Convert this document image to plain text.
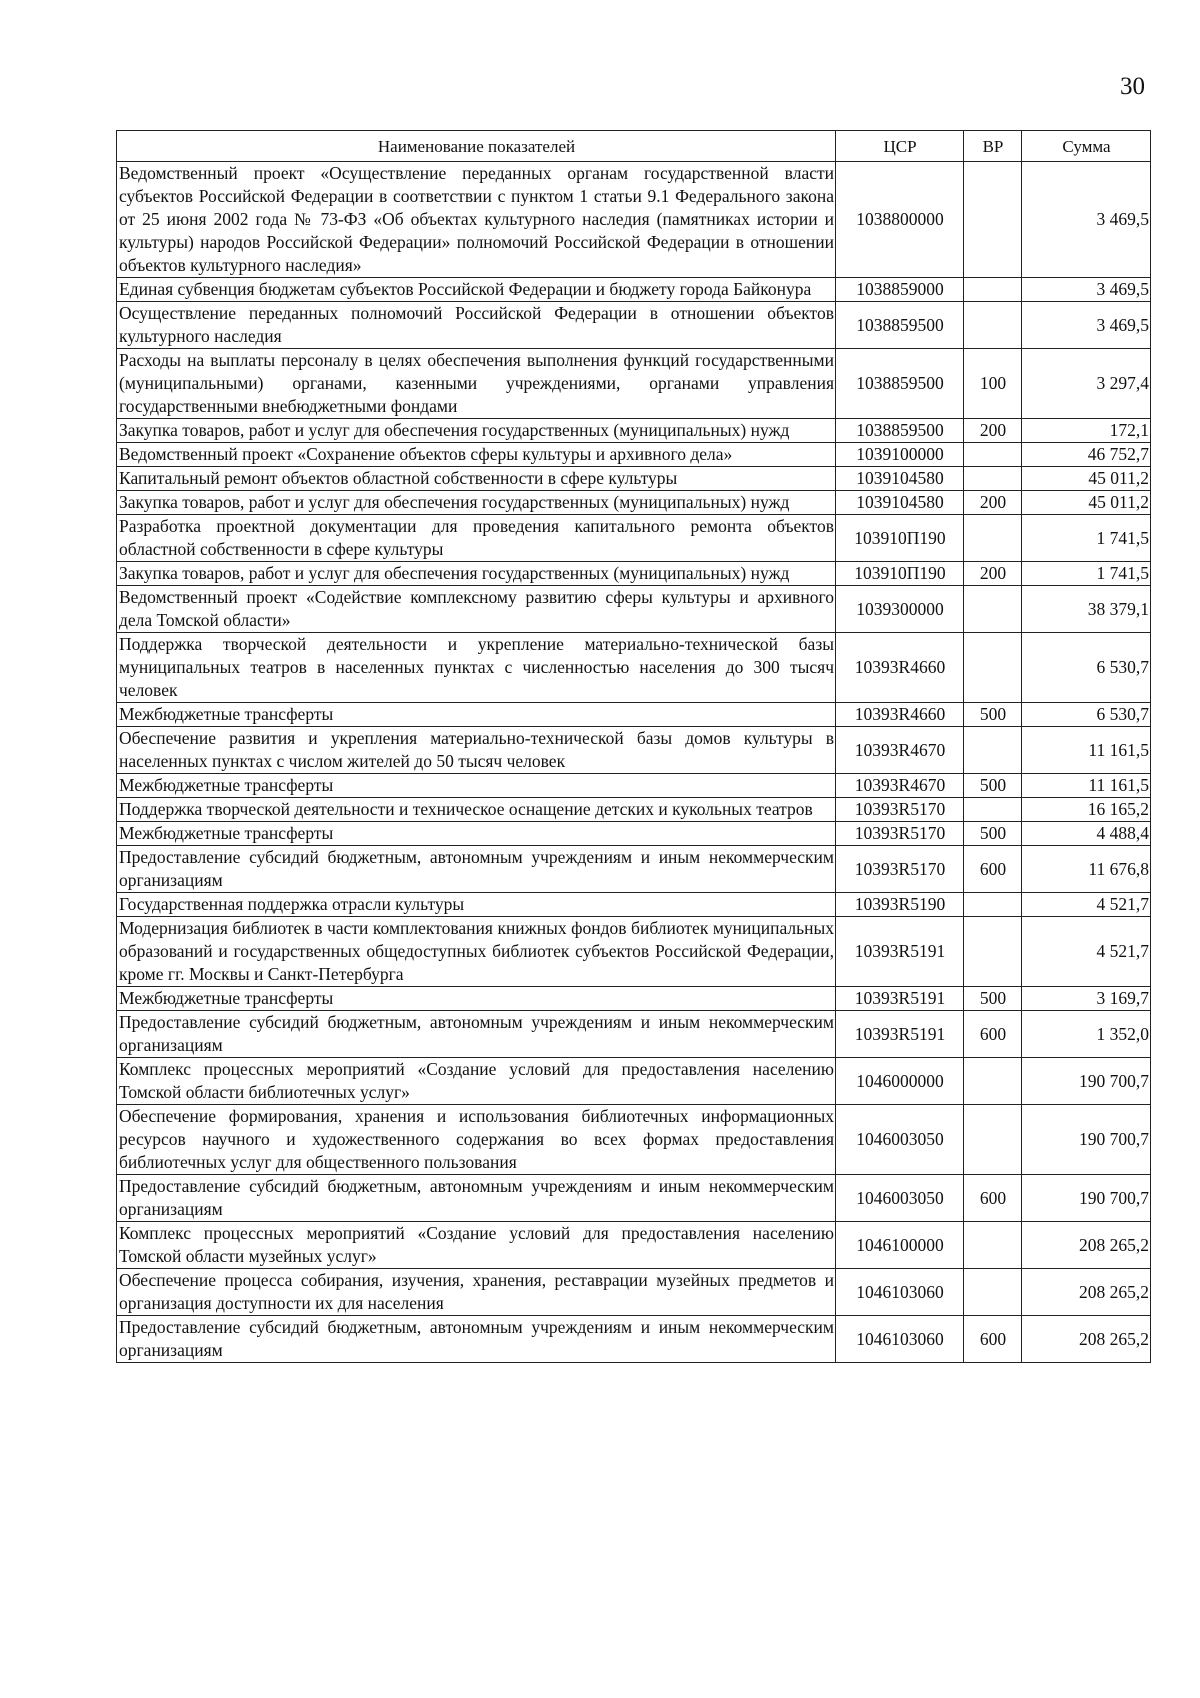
30
Наименование показателей	ЦСР	ВР	Сумма
Ведомственный проект «Осуществление переданных органам государственной власти субъектов Российской Федерации в соответствии с пунктом 1 статьи 9.1 Федерального закона от 25 июня 2002 года № 73-ФЗ «Об объектах культурного наследия (памятниках истории и культуры) народов Российской Федерации» полномочий Российской Федерации в отношении объектов культурного наследия»	1038800000		3 469,5
Единая субвенция бюджетам субъектов Российской Федерации и бюджету города Байконура	1038859000		3 469,5
Осуществление переданных полномочий Российской Федерации в отношении объектов культурного наследия	1038859500		3 469,5
Расходы на выплаты персоналу в целях обеспечения выполнения функций государственными (муниципальными) органами, казенными учреждениями, органами управления государственными внебюджетными фондами	1038859500	100	3 297,4
Закупка товаров, работ и услуг для обеспечения государственных (муниципальных) нужд	1038859500	200	172,1
Ведомственный проект «Сохранение объектов сферы культуры и архивного дела»	1039100000		46 752,7
Капитальный ремонт объектов областной собственности в сфере культуры	1039104580		45 011,2
Закупка товаров, работ и услуг для обеспечения государственных (муниципальных) нужд	1039104580	200	45 011,2
Разработка проектной документации для проведения капитального ремонта объектов областной собственности в сфере культуры	103910П190		1 741,5
Закупка товаров, работ и услуг для обеспечения государственных (муниципальных) нужд	103910П190	200	1 741,5
Ведомственный проект «Содействие комплексному развитию сферы культуры и архивного дела Томской области»	1039300000		38 379,1
Поддержка творческой деятельности и укрепление материально-технической базы муниципальных театров в населенных пунктах с численностью населения до 300 тысяч человек	10393R4660		6 530,7
Межбюджетные трансферты	10393R4660	500	6 530,7
Обеспечение развития и укрепления материально-технической базы домов культуры в населенных пунктах с числом жителей до 50 тысяч человек	10393R4670		11 161,5
Межбюджетные трансферты	10393R4670	500	11 161,5
Поддержка творческой деятельности и техническое оснащение детских и кукольных театров	10393R5170		16 165,2
Межбюджетные трансферты	10393R5170	500	4 488,4
Предоставление субсидий бюджетным, автономным учреждениям и иным некоммерческим организациям	10393R5170	600	11 676,8
Государственная поддержка отрасли культуры	10393R5190		4 521,7
Модернизация библиотек в части комплектования книжных фондов библиотек муниципальных образований и государственных общедоступных библиотек субъектов Российской Федерации, кроме гг. Москвы и Санкт-Петербурга	10393R5191		4 521,7
Межбюджетные трансферты	10393R5191	500	3 169,7
Предоставление субсидий бюджетным, автономным учреждениям и иным некоммерческим организациям	10393R5191	600	1 352,0
Комплекс процессных мероприятий «Создание условий для предоставления населению Томской области библиотечных услуг»	1046000000		190 700,7
Обеспечение формирования, хранения и использования библиотечных информационных ресурсов научного и художественного содержания во всех формах предоставления библиотечных услуг для общественного пользования	1046003050		190 700,7
Предоставление субсидий бюджетным, автономным учреждениям и иным некоммерческим организациям	1046003050	600	190 700,7
Комплекс процессных мероприятий «Создание условий для предоставления населению Томской области музейных услуг»	1046100000		208 265,2
Обеспечение процесса собирания, изучения, хранения, реставрации музейных предметов и организация доступности их для населения	1046103060		208 265,2
Предоставление субсидий бюджетным, автономным учреждениям и иным некоммерческим организациям	1046103060	600	208 265,2
